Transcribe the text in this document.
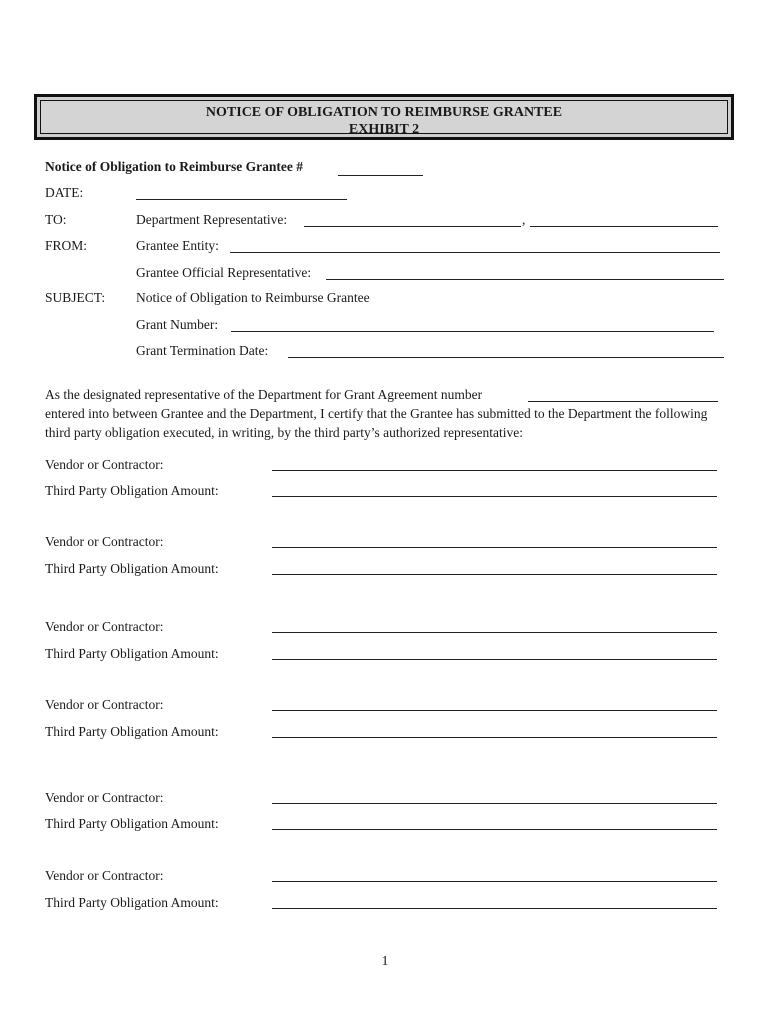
NOTICE OF OBLIGATION TO REIMBURSE GRANTEE
EXHIBIT 2
Notice of Obligation to Reimburse Grantee #
DATE:
TO:	Department Representative:	,
FROM:	Grantee Entity:
Grantee Official Representative:
SUBJECT: Notice of Obligation to Reimburse Grantee
Grant Number:
Grant Termination Date:
As the designated representative of the Department for Grant Agreement number
entered into between Grantee and the Department, I certify that the Grantee has submitted to the Department the following third party obligation executed, in writing, by the third party’s authorized representative:
Vendor or Contractor:
Third Party Obligation Amount:
Vendor or Contractor:
Third Party Obligation Amount:
Vendor or Contractor:
Third Party Obligation Amount:
Vendor or Contractor:
Third Party Obligation Amount:
Vendor or Contractor:
Third Party Obligation Amount:
Vendor or Contractor:
Third Party Obligation Amount:
1
